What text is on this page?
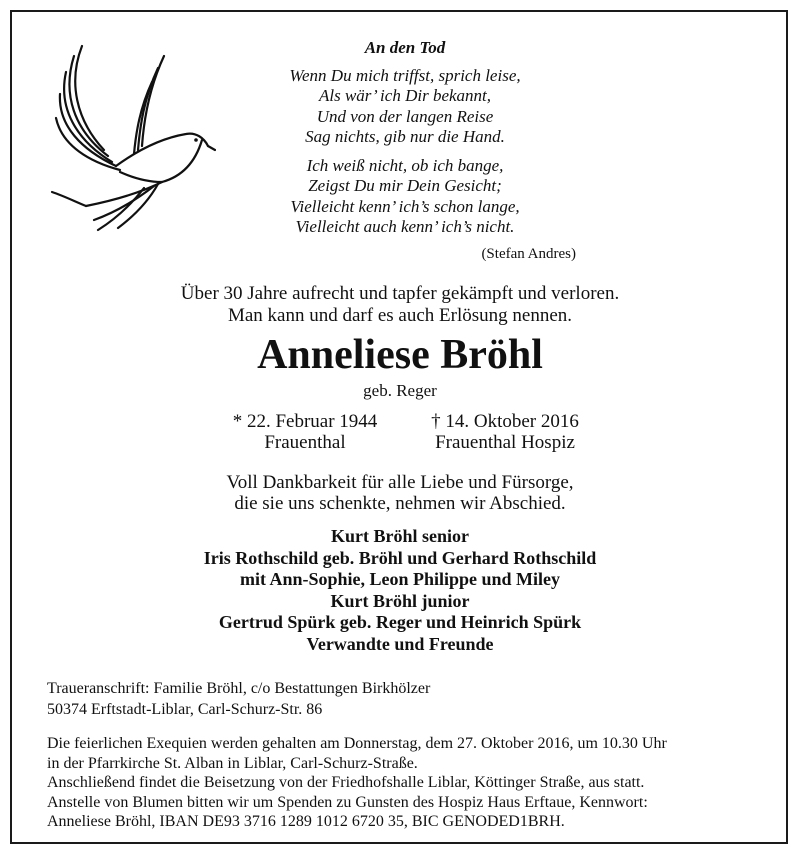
An den Tod
Wenn Du mich triffst, sprich leise,
Als wär’ ich Dir bekannt,
Und von der langen Reise
Sag nichts, gib nur die Hand.
Ich weiß nicht, ob ich bange,
Zeigst Du mir Dein Gesicht;
Vielleicht kenn’ ich’s schon lange,
Vielleicht auch kenn’ ich’s nicht.
(Stefan Andres)
Über 30 Jahre aufrecht und tapfer gekämpft und verloren.
Man kann und darf es auch Erlösung nennen.
Anneliese Bröhl
geb. Reger
* 22. Februar 1944
Frauenthal
† 14. Oktober 2016
Frauenthal Hospiz
Voll Dankbarkeit für alle Liebe und Fürsorge,
die sie uns schenkte, nehmen wir Abschied.
Kurt Bröhl senior
Iris Rothschild geb. Bröhl und Gerhard Rothschild
mit Ann-Sophie, Leon Philippe und Miley
Kurt Bröhl junior
Gertrud Spürk geb. Reger und Heinrich Spürk
Verwandte und Freunde
Traueranschrift: Familie Bröhl, c/o Bestattungen Birkhölzer
50374 Erftstadt-Liblar, Carl-Schurz-Str. 86
Die feierlichen Exequien werden gehalten am Donnerstag, dem 27. Oktober 2016, um 10.30 Uhr
in der Pfarrkirche St. Alban in Liblar, Carl-Schurz-Straße.
Anschließend findet die Beisetzung von der Friedhofshalle Liblar, Köttinger Straße, aus statt.
Anstelle von Blumen bitten wir um Spenden zu Gunsten des Hospiz Haus Erftaue, Kennwort:
Anneliese Bröhl, IBAN DE93 3716 1289 1012 6720 35, BIC GENODED1BRH.
